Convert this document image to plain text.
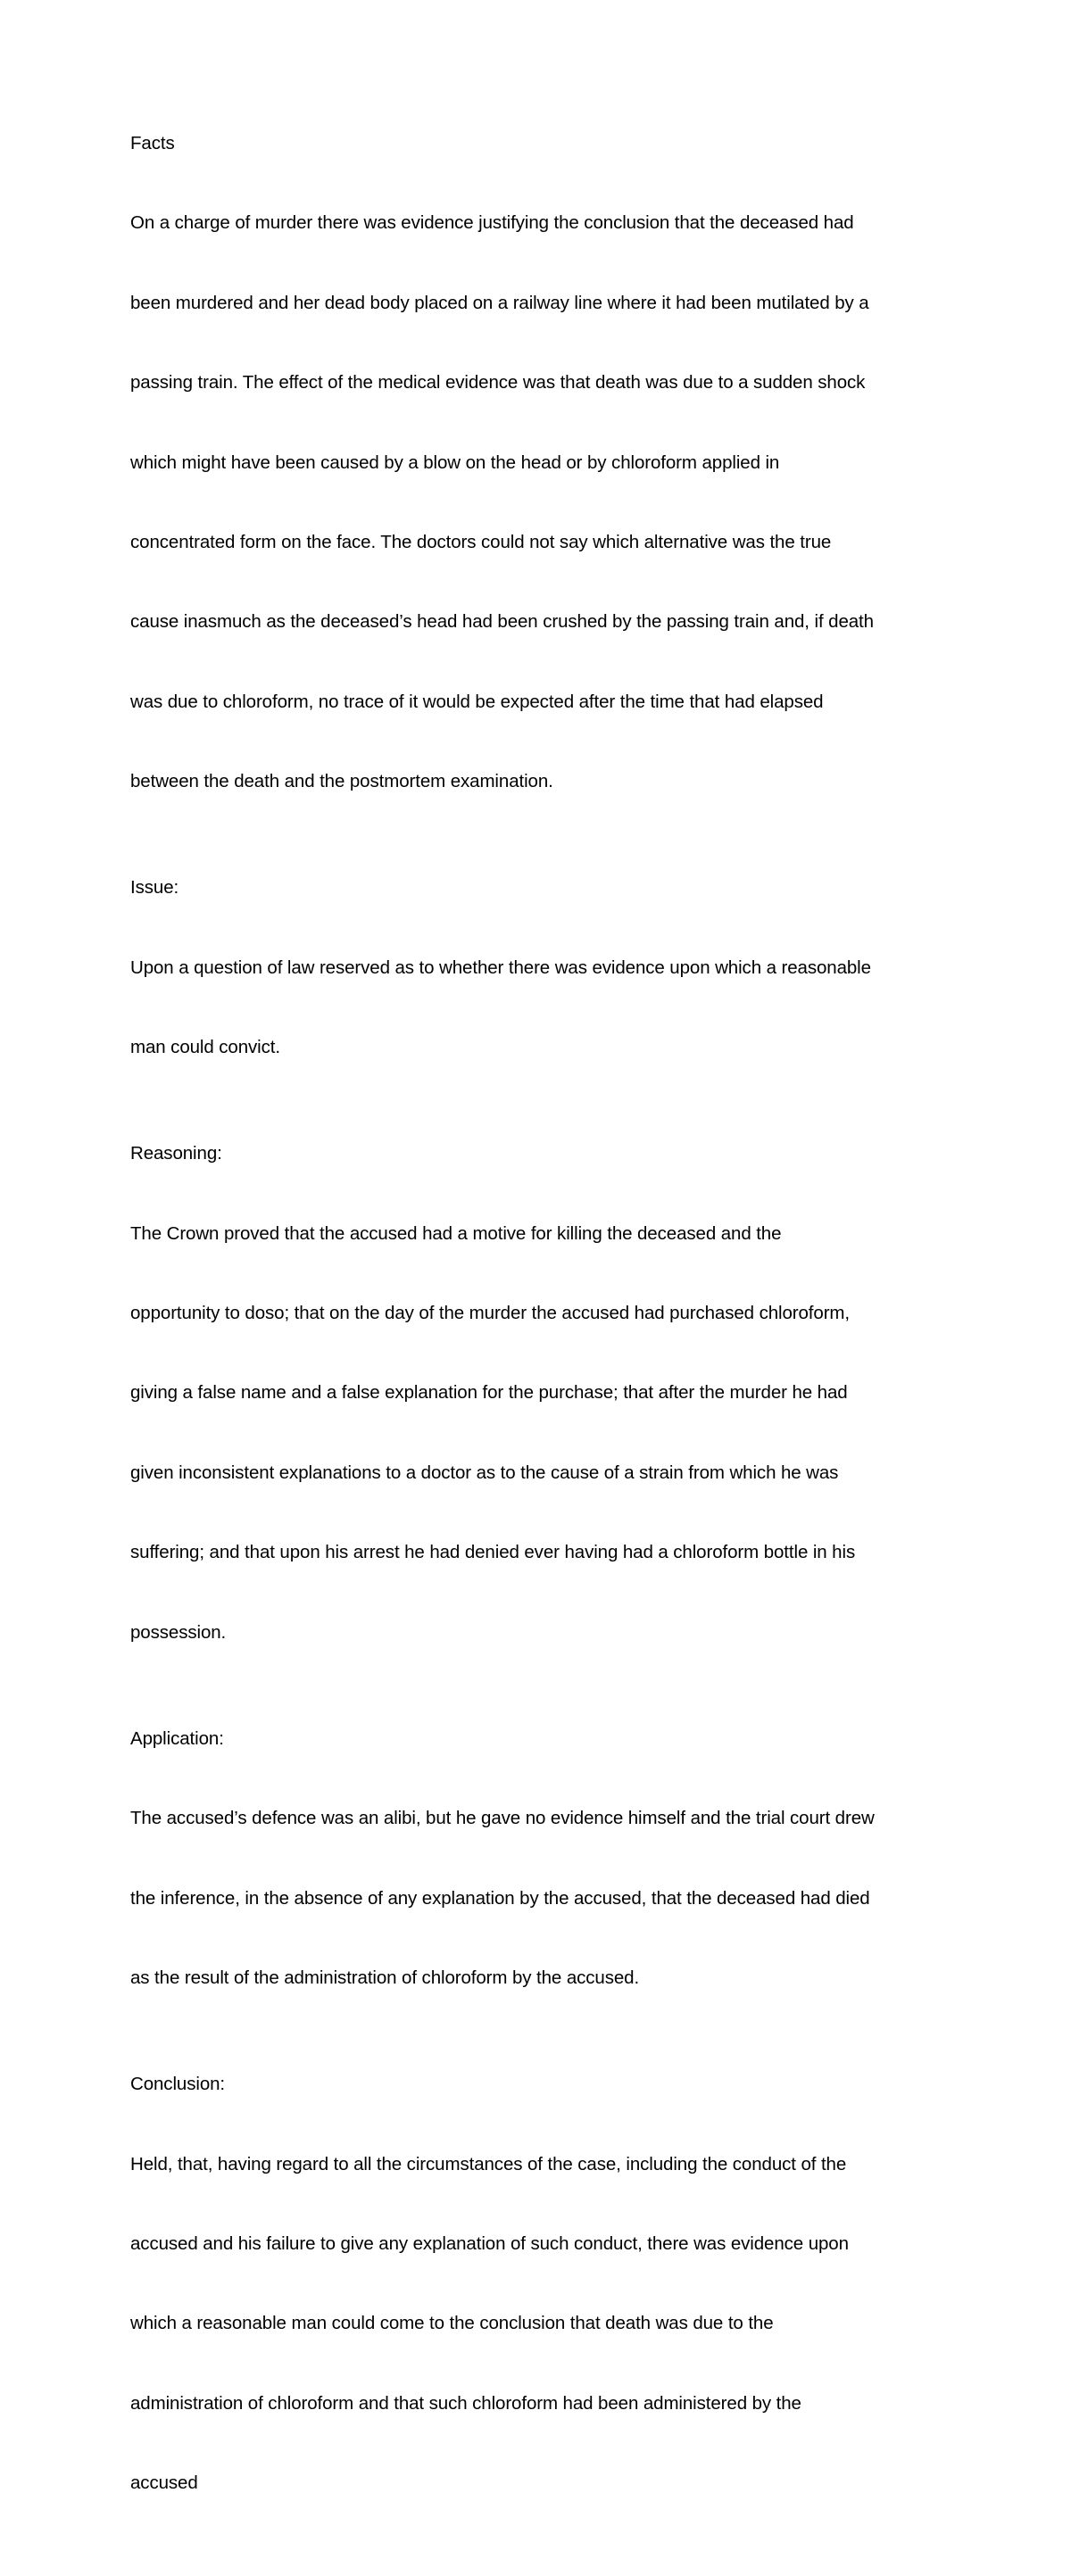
Facts

On a charge of murder there was evidence justifying the conclusion that the deceased had

been murdered and her dead body placed on a railway line where it had been mutilated by a

passing train. The effect of the medical evidence was that death was due to a sudden shock

which might have been caused by a blow on the head or by chloroform applied in

concentrated form on the face. The doctors could not say which alternative was the true

cause inasmuch as the deceased’s head had been crushed by the passing train and, if death

was due to chloroform, no trace of it would be expected after the time that had elapsed

between the death and the postmortem examination.

Issue:

Upon a question of law reserved as to whether there was evidence upon which a reasonable

man could convict.

Reasoning:

The Crown proved that the accused had a motive for killing the deceased and the

opportunity to doso; that on the day of the murder the accused had purchased chloroform,

giving a false name and a false explanation for the purchase; that after the murder he had

given inconsistent explanations to a doctor as to the cause of a strain from which he was

suffering; and that upon his arrest he had denied ever having had a chloroform bottle in his

possession.

Application:

The accused’s defence was an alibi, but he gave no evidence himself and the trial court drew

the inference, in the absence of any explanation by the accused, that the deceased had died

as the result of the administration of chloroform by the accused.

Conclusion:

Held, that, having regard to all the circumstances of the case, including the conduct of the

accused and his failure to give any explanation of such conduct, there was evidence upon

which a reasonable man could come to the conclusion that death was due to the

administration of chloroform and that such chloroform had been administered by the

accused
